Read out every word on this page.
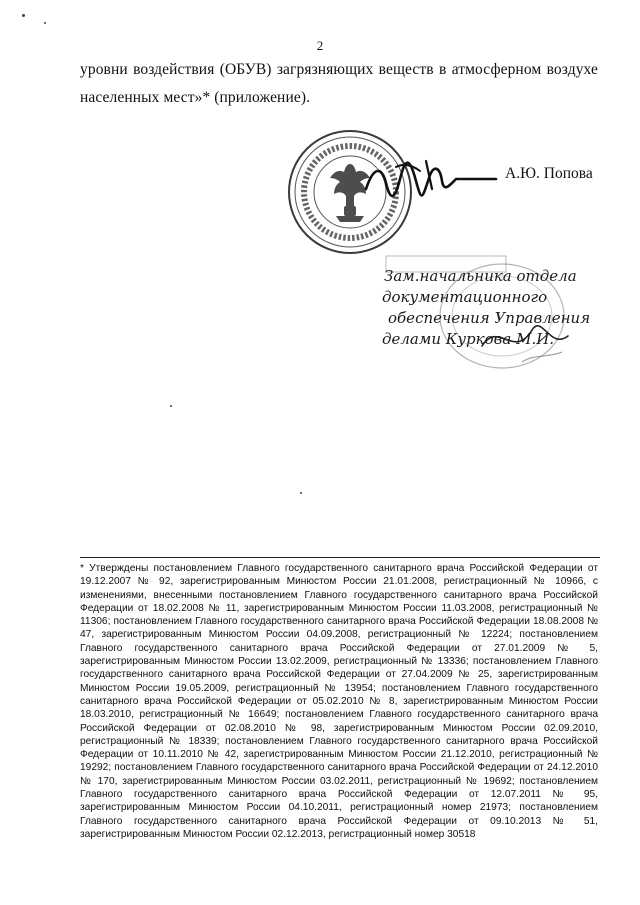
2
уровни воздействия (ОБУВ) загрязняющих веществ в атмосферном воздухе
населенных мест»* (приложение).
А.Ю. Попова
Зам.начальника отдела
документационного
обеспечения Управления
делами Куркова М.И.
* Утверждены постановлением Главного государственного санитарного врача Российской Федерации от 19.12.2007 № 92, зарегистрированным Минюстом России 21.01.2008, регистрационный № 10966, с изменениями, внесенными постановлением Главного государственного санитарного врача Российской Федерации от 18.02.2008 № 11, зарегистрированным Минюстом России 11.03.2008, регистрационный № 11306; постановлением Главного государственного санитарного врача Российской Федерации 18.08.2008 № 47, зарегистрированным Минюстом России 04.09.2008, регистрационный № 12224; постановлением Главного государственного санитарного врача Российской Федерации от 27.01.2009 № 5, зарегистрированным Минюстом России 13.02.2009, регистрационный № 13336; постановлением Главного государственного санитарного врача Российской Федерации от 27.04.2009 № 25, зарегистрированным Минюстом России 19.05.2009, регистрационный № 13954; постановлением Главного государственного санитарного врача Российской Федерации от 05.02.2010 № 8, зарегистрированным Минюстом России 18.03.2010, регистрационный № 16649; постановлением Главного государственного санитарного врача Российской Федерации от 02.08.2010 № 98, зарегистрированным Минюстом России 02.09.2010, регистрационный № 18339; постановлением Главного государственного санитарного врача Российской Федерации от 10.11.2010 № 42, зарегистрированным Минюстом России 21.12.2010, регистрационный № 19292; постановлением Главного государственного санитарного врача Российской Федерации от 24.12.2010 № 170, зарегистрированным Минюстом России 03.02.2011, регистрационный № 19692; постановлением Главного государственного санитарного врача Российской Федерации от 12.07.2011 № 95, зарегистрированным Минюстом России 04.10.2011, регистрационный номер 21973; постановлением Главного государственного санитарного врача Российской Федерации от 09.10.2013 № 51, зарегистрированным Минюстом России 02.12.2013, регистрационный номер 30518
